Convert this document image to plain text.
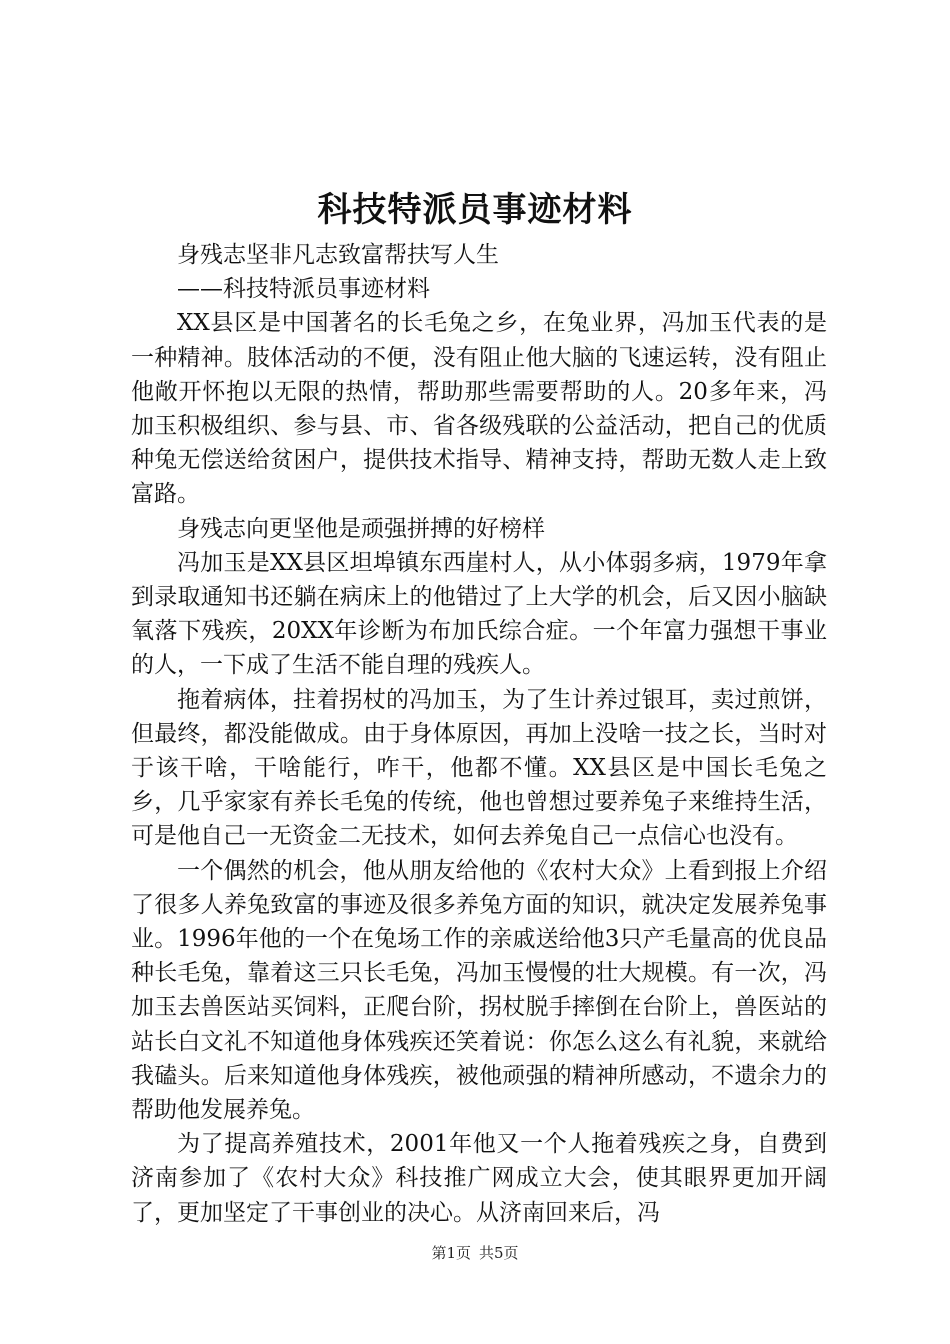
科技特派员事迹材料

身残志坚非凡志致富帮扶写人生

——科技特派员事迹材料

XX县区是中国著名的长毛兔之乡，在兔业界，冯加玉代表的是一种精神。肢体活动的不便，没有阻止他大脑的飞速运转，没有阻止他敞开怀抱以无限的热情，帮助那些需要帮助的人。20多年来，冯加玉积极组织、参与县、市、省各级残联的公益活动，把自己的优质种兔无偿送给贫困户，提供技术指导、精神支持，帮助无数人走上致富路。

身残志向更坚他是顽强拼搏的好榜样

冯加玉是XX县区坦埠镇东西崖村人，从小体弱多病，1979年拿到录取通知书还躺在病床上的他错过了上大学的机会，后又因小脑缺氧落下残疾，20XX年诊断为布加氏综合症。一个年富力强想干事业的人，一下成了生活不能自理的残疾人。

拖着病体，拄着拐杖的冯加玉，为了生计养过银耳，卖过煎饼，但最终，都没能做成。由于身体原因，再加上没啥一技之长，当时对于该干啥，干啥能行，咋干，他都不懂。XX县区是中国长毛兔之乡，几乎家家有养长毛兔的传统，他也曾想过要养兔子来维持生活，可是他自己一无资金二无技术，如何去养兔自己一点信心也没有。

一个偶然的机会，他从朋友给他的《农村大众》上看到报上介绍了很多人养兔致富的事迹及很多养兔方面的知识，就决定发展养兔事业。1996年他的一个在兔场工作的亲戚送给他3只产毛量高的优良品种长毛兔，靠着这三只长毛兔，冯加玉慢慢的壮大规模。有一次，冯加玉去兽医站买饲料，正爬台阶，拐杖脱手摔倒在台阶上，兽医站的站长白文礼不知道他身体残疾还笑着说：你怎么这么有礼貌，来就给我磕头。后来知道他身体残疾，被他顽强的精神所感动，不遗余力的帮助他发展养兔。

为了提高养殖技术，2001年他又一个人拖着残疾之身，自费到济南参加了《农村大众》科技推广网成立大会，使其眼界更加开阔了，更加坚定了干事创业的决心。从济南回来后，冯

第1页 共5页
